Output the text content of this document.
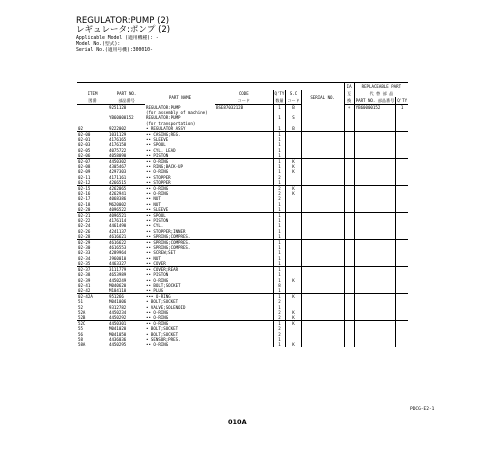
REGULATOR:PUMP (2)
レギュレータ:ポンプ (2)
Applicable Model (適用機種): -
Model No.(型式):
Serial No.(適用号機):300010-
							IA	REPLACEABLE PART	
ITEM	PART NO.	PART NAME	CODE	Q'TY	S.C	SERIAL NO.	互	代 替 部 品	
図番	部品番号		コード	数量	コード		換	PART NO. 部品番号	Q'TY
	9251120	REGULATOR:PUMP	BSE8703212B	1	B		+	YB60000152	1
		(for assembly of machine)							
	YB60000152	REGULATOR:PUMP		1	S				
		(for transportation)							
02	9222002	• REGULATOR ASSY		1	B				
02-00	1031129	•• CASING;REG.		1					
02-01	4176165	•• SLEEVE		1					
02-03	4176158	•• SPOOL		1					
02-05	4075722	•• CYL. LEAD		1					
02-06	4058090	•• PISTON		1					
02-07	4450302	•• O-RING		1	K				
02-08	4305467	•• RING;BACK-UP		1	K				
02-09	4297303	•• O-RING		1	K				
02-11	4171161	•• STOPPER		2					
02-12	4266515	•• STOPPER		1					
02-15	4262065	•• O-RING		2	K				
02-16	4262941	•• O-RING		2	K				
02-17	4068386	•• NUT		2					
02-18	M620002	•• NUT		1					
02-20	4096522	•• SLEEVE		1					
02-21	4096521	•• SPOOL		1					
02-22	4176114	•• PISTON		1					
02-24	4461490	•• CYL.		1					
02-26	4241137	•• STOPPER;INNER		1					
02-28	4616621	•• SPRING;COMPRES.		1					
02-29	4616622	•• SPRING;COMPRES.		1					
02-30	4616553	•• SPRING;COMPRES.		1					
02-33	4289964	•• SCREW;SET		1					
02-34	J960010	•• NUT		1					
02-35	4463327	•• COVER		1					
02-37	3111779	•• COVER;REAR		1					
02-38	4653989	•• PISTON		1					
02-39	4450249	•• O-RING		1	K				
02-41	M040620	•• BOLT;SOCKET		8					
02-42	M104110	•• PLUG		1					
02-42A	951266	••• O-RING		1	K				
51	M041006	• BOLT;SOCKET		2					
52	9312782	• VALVE;SOLENOID		1					
52A	4450234	•• O-RING		2	K				
52B	4450292	•• O-RING		2	K				
52C	4450301	•• O-RING		1	K				
55	M041020	• BOLT;SOCKET		2					
56	M041050	• BOLT;SOCKET		2					
58	4436036	• SENSOR;PRES.		1					
58A	4450295	•• O-RING		1	K				
PDCG-E2-1
010A
